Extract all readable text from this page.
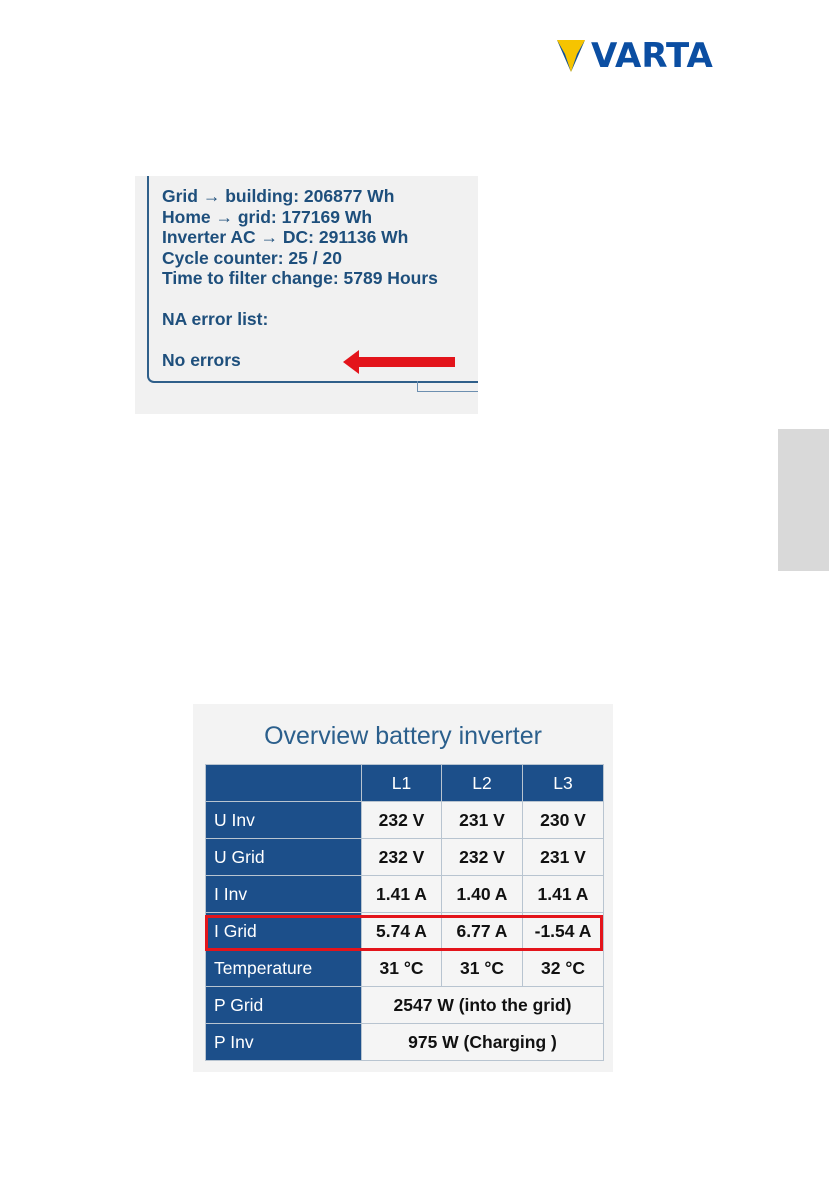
VARTA
Grid → building: 206877 Wh
Home → grid: 177169 Wh
Inverter AC → DC: 291136 Wh
Cycle counter: 25 / 20
Time to filter change: 5789 Hours
NA error list:
No errors
Overview battery inverter
	L1	L2	L3
U Inv	232 V	231 V	230 V
U Grid	232 V	232 V	231 V
I Inv	1.41 A	1.40 A	1.41 A
I Grid	5.74 A	6.77 A	-1.54 A
Temperature	31 °C	31 °C	32 °C
P Grid	2547 W (into the grid)		
P Inv	975 W (Charging )		
